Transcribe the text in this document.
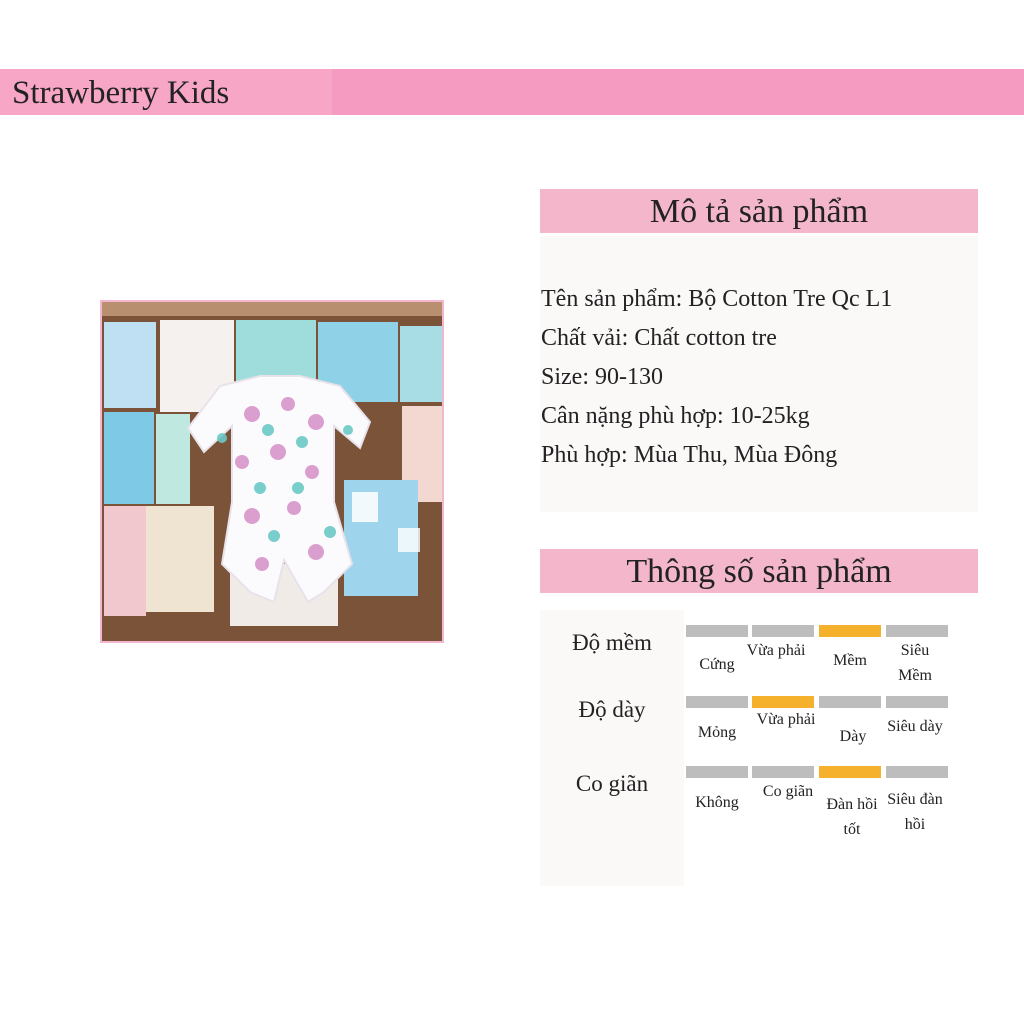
Strawberry Kids
Mô tả sản phẩm
Tên sản phẩm: Bộ Cotton Tre Qc L1
Chất vải: Chất cotton tre
Size: 90-130
Cân nặng phù hợp: 10-25kg
Phù hợp: Mùa Thu, Mùa Đông
Thông số sản phẩm
Độ mềm
Cứng
Vừa phải
Mềm
Siêu Mềm
Độ dày
Mỏng
Vừa phải
Dày
Siêu dày
Co giãn
Không
Co giãn
Đàn hồi tốt
Siêu đàn hồi
